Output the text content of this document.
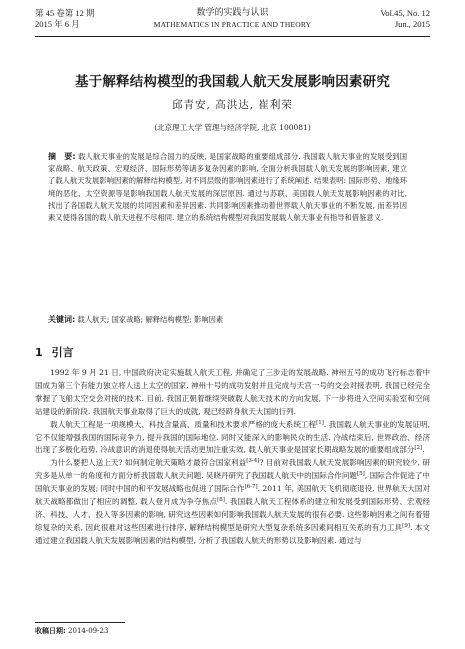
第 45 卷第 12 期
2015 年 6 月
数学的实践与认识
MATHEMATICS IN PRACTICE AND THEORY
Vol.45, No. 12
Jun., 2015
基于解释结构模型的我国载人航天发展影响因素研究
邱青安, 高洪达, 崔利荣
(北京理工大学 管理与经济学院, 北京 100081)
摘　要: 载人航天事业的发展是综合国力的反映, 是国家战略的重要组成部分. 我国载人航天事业的发展受到国家战略、航天政策、宏观经济、国际形势等诸多复杂因素的影响, 全面分析我国载人航天发展的影响因素, 建立了载人航天发展影响因素的解释结构模型, 对不同层级的影响因素进行了系统阐述. 结果表明: 国际形势、地缘环境的恶化、太空资源等是影响我国载人航天发展的深层原因. 通过与苏联、美国载人航天发展影响因素的对比, 找出了各国载人航天发展的共同因素和差异因素. 共同影响因素推动着世界载人航天事业的不断发展, 而差异因素又使得各国的载人航天进程不尽相同. 建立的系统结构模型对我国发展载人航天事业有指导和借鉴意义.
关键词: 载人航天; 国家战略; 解释结构模型; 影响因素
1 引言

1992 年 9 月 21 日, 中国政府决定实施载人航天工程, 并确定了三步走的发展战略. 神州五号的成功飞行标志着中国成为第三个有能力独立将人送上太空的国家, 神州十号的成功发射并且完成与天宫一号的交会对接表明, 我国已经完全掌握了飞船太空交会对接的技术. 目前, 我国正朝着继续突破载人航天技术的方向发展, 下一步将进入空间实验室和空间站建设的新阶段. 我国航天事业取得了巨大的成就, 观已经跻身航天大国的行列.

载人航天工程是一项规模大、科技含量高、质量和技术要求严格的庞大系统工程[1]. 我国载人航天事业的发展证明, 它不仅能增强我国的国际竞争力, 提升我国的国际地位. 同时又能深入的影响民众的生活. 冷战结束后, 世界政治、经济出现了多极化趋势, 冷战意识的消退使得航天活动更加注重实效, 载人航天事业是国家长期战略发展的重要组成部分[2].

为什么要把人送上天? 如何制定航天策略才最符合国家利益[3-4]? 目前对我国载人航天发展影响因素的研究较少, 研究多是从单一的角度和方面分析我国载人航天问题. 吴晓丹研究了我国载人航天中的国际合作问题[5], 国际合作促进了中国航天事业的发展; 同时中国的和平发展战略也促进了国际合作[6-7]. 2011 年, 美国航天飞机彻底退役, 世界航天大国对航天战略都做出了相应的调整, 载人登月成为争夺焦点[8]. 我国载人航天工程体系的建立和发展受到国际形势、宏观经济、科技、人才、投入等多因素的影响, 研究这些因素如何影响我国载人航天发展的很有必要. 这些影响因素之间有着错综复杂的关系, 因此很难对这些因素进行排序, 解释结构模型是研究大型复杂系统多因素间相互关系的有力工具[9]. 本文通过建立我国载人航天发展影响因素的结构模型, 分析了我国载人航天的形势以及影响因素. 通过与

收稿日期: 2014-09-23
